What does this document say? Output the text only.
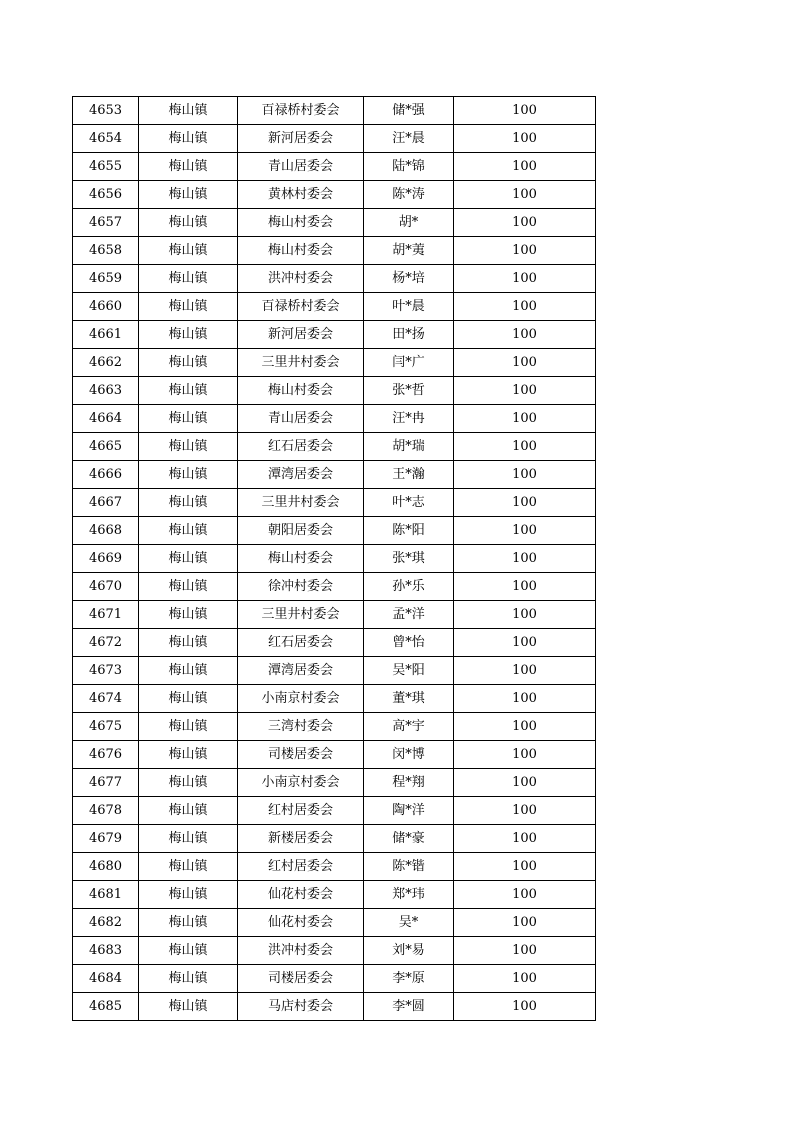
4653	梅山镇	百禄桥村委会	储*强	100
4654	梅山镇	新河居委会	汪*晨	100
4655	梅山镇	青山居委会	陆*锦	100
4656	梅山镇	黄林村委会	陈*涛	100
4657	梅山镇	梅山村委会	胡*	100
4658	梅山镇	梅山村委会	胡*荑	100
4659	梅山镇	洪冲村委会	杨*培	100
4660	梅山镇	百禄桥村委会	叶*晨	100
4661	梅山镇	新河居委会	田*扬	100
4662	梅山镇	三里井村委会	闫*广	100
4663	梅山镇	梅山村委会	张*哲	100
4664	梅山镇	青山居委会	汪*冉	100
4665	梅山镇	红石居委会	胡*瑞	100
4666	梅山镇	潭湾居委会	王*瀚	100
4667	梅山镇	三里井村委会	叶*志	100
4668	梅山镇	朝阳居委会	陈*阳	100
4669	梅山镇	梅山村委会	张*琪	100
4670	梅山镇	徐冲村委会	孙*乐	100
4671	梅山镇	三里井村委会	孟*洋	100
4672	梅山镇	红石居委会	曾*怡	100
4673	梅山镇	潭湾居委会	吴*阳	100
4674	梅山镇	小南京村委会	董*琪	100
4675	梅山镇	三湾村委会	高*宇	100
4676	梅山镇	司楼居委会	闵*博	100
4677	梅山镇	小南京村委会	程*翔	100
4678	梅山镇	红村居委会	陶*洋	100
4679	梅山镇	新楼居委会	储*豪	100
4680	梅山镇	红村居委会	陈*锴	100
4681	梅山镇	仙花村委会	郑*玮	100
4682	梅山镇	仙花村委会	吴*	100
4683	梅山镇	洪冲村委会	刘*易	100
4684	梅山镇	司楼居委会	李*原	100
4685	梅山镇	马店村委会	李*圆	100
